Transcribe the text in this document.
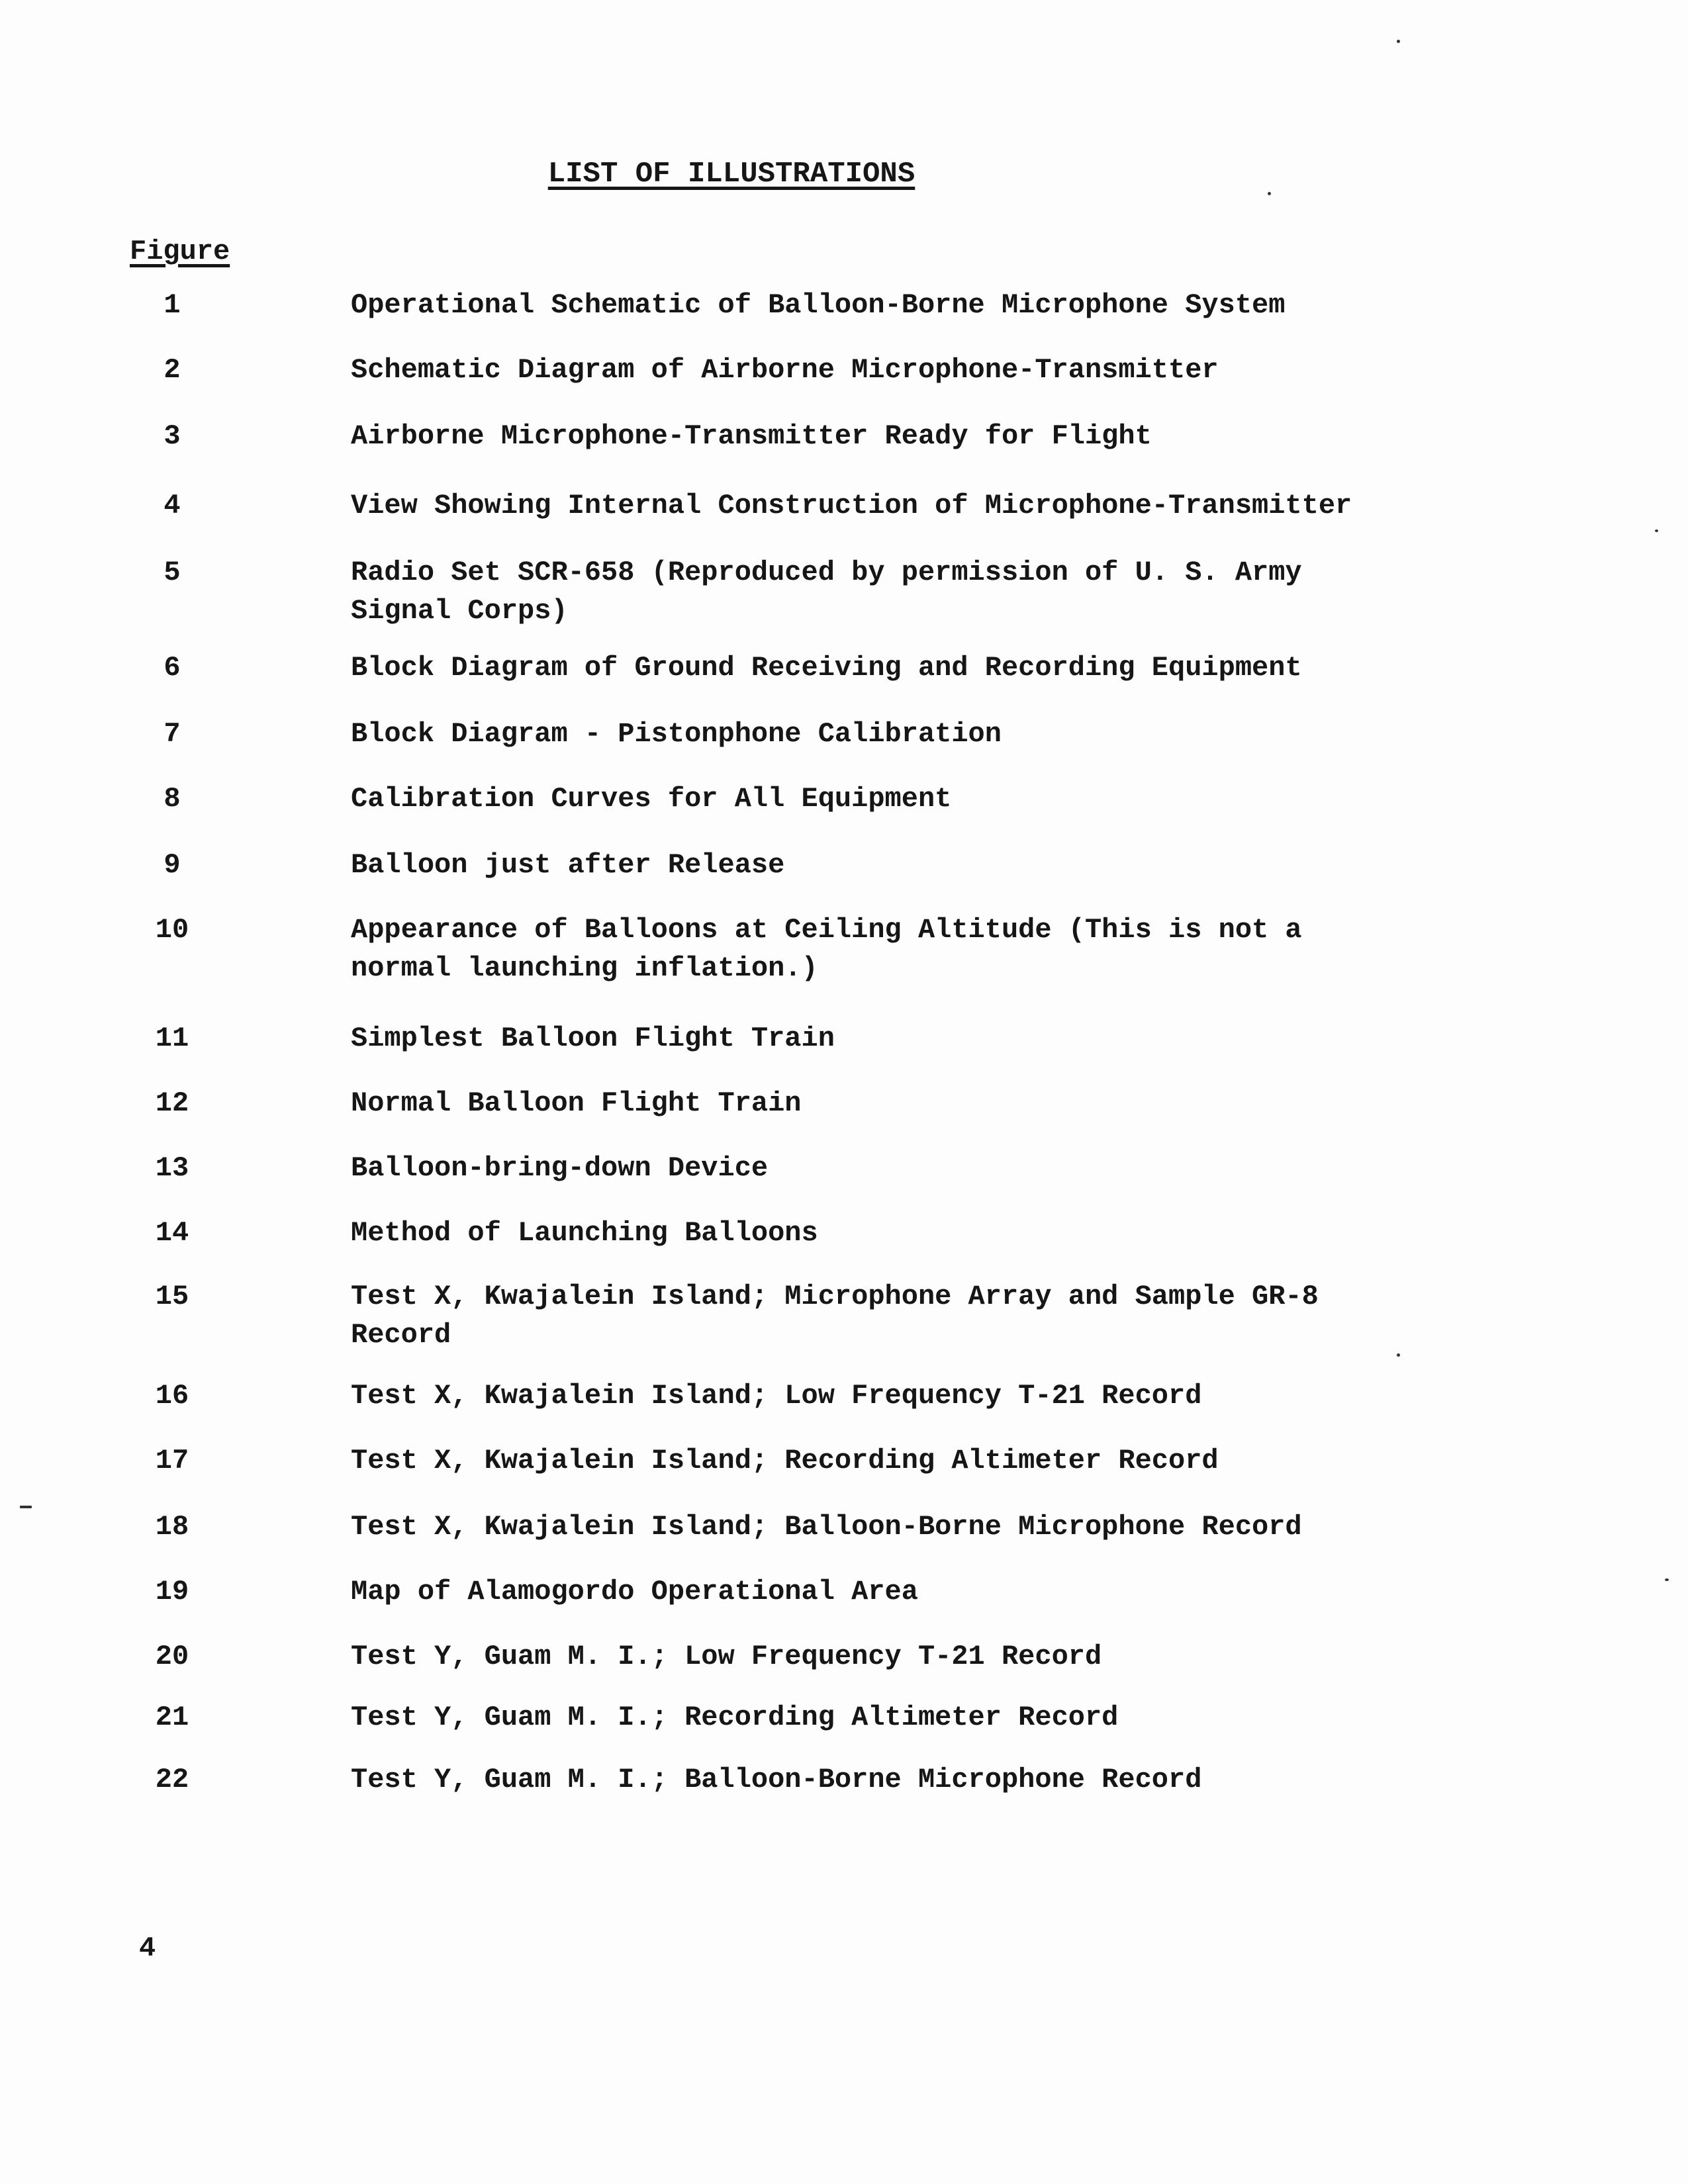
LIST OF ILLUSTRATIONS
Figure
1	Operational Schematic of Balloon-Borne Microphone System
2	Schematic Diagram of Airborne Microphone-Transmitter
3	Airborne Microphone-Transmitter Ready for Flight
4	View Showing Internal Construction of Microphone-Transmitter
5	Radio Set SCR-658 (Reproduced by permission of U. S. Army Signal Corps)
6	Block Diagram of Ground Receiving and Recording Equipment
7	Block Diagram - Pistonphone Calibration
8	Calibration Curves for All Equipment
9	Balloon just after Release
10	Appearance of Balloons at Ceiling Altitude (This is not a normal launching inflation.)
11	Simplest Balloon Flight Train
12	Normal Balloon Flight Train
13	Balloon-bring-down Device
14	Method of Launching Balloons
15	Test X, Kwajalein Island; Microphone Array and Sample GR-8 Record
16	Test X, Kwajalein Island; Low Frequency T-21 Record
17	Test X, Kwajalein Island; Recording Altimeter Record
18	Test X, Kwajalein Island; Balloon-Borne Microphone Record
19	Map of Alamogordo Operational Area
20	Test Y, Guam M. I.; Low Frequency T-21 Record
21	Test Y, Guam M. I.; Recording Altimeter Record
22	Test Y, Guam M. I.; Balloon-Borne Microphone Record
4
